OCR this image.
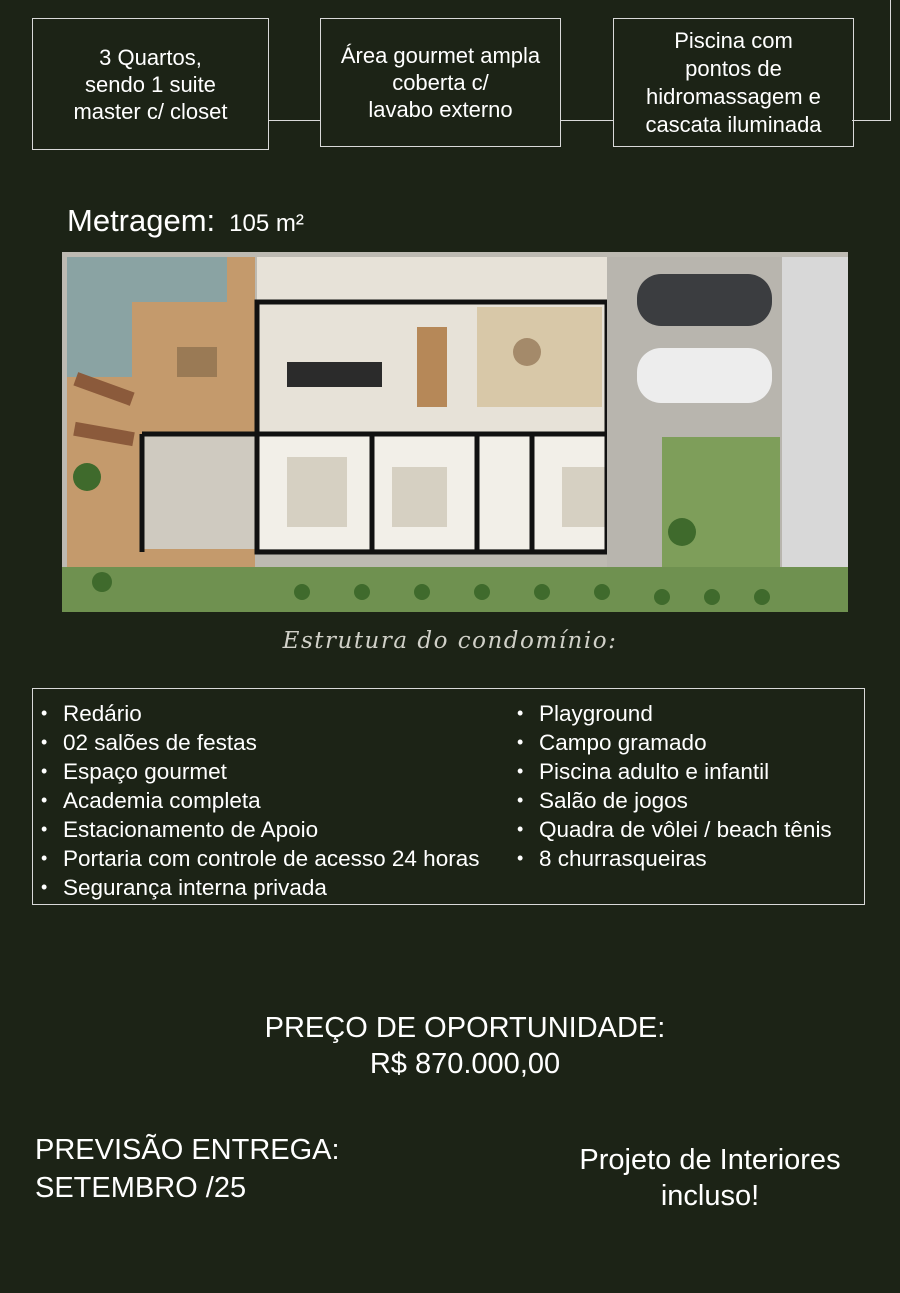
3 Quartos,
sendo 1 suite
master c/ closet
Área gourmet ampla
coberta c/
lavabo externo
Piscina com
pontos de
hidromassagem e
cascata iluminada
Metragem: 105 m²
Estrutura do condomínio:
• Redário
• 02 salões de festas
• Espaço gourmet
• Academia completa
• Estacionamento de Apoio
• Portaria com controle de acesso 24 horas
• Segurança interna privada
• Playground
• Campo gramado
• Piscina adulto e infantil
• Salão de jogos
• Quadra de vôlei / beach tênis
• 8 churrasqueiras
PREÇO DE OPORTUNIDADE:
R$ 870.000,00
PREVISÃO ENTREGA:
SETEMBRO /25
Projeto de Interiores
incluso!
